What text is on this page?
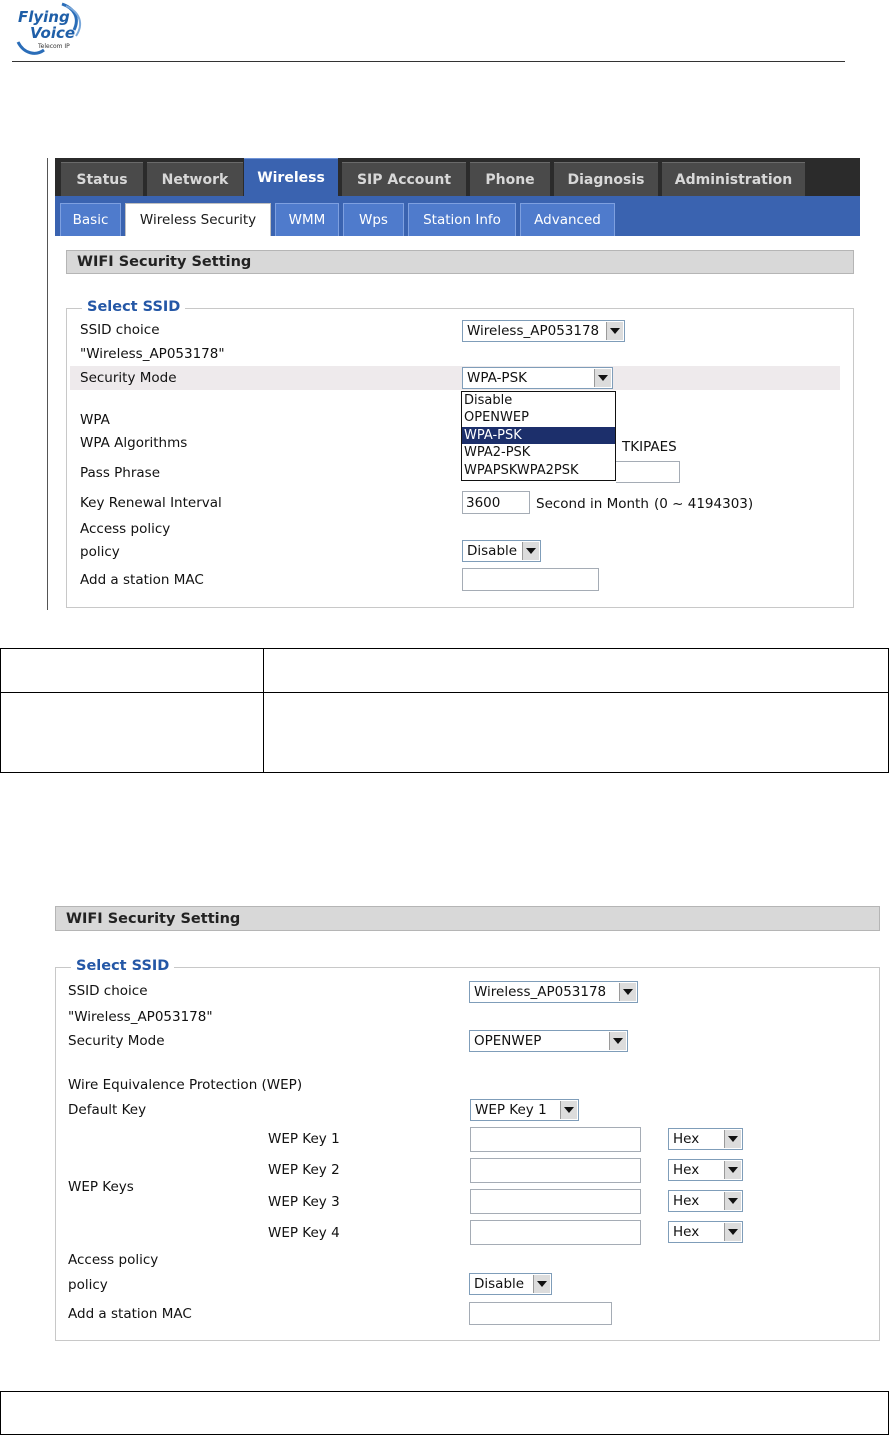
Flying
Voice
Telecom IP
Status	Network	Wireless	SIP Account	Phone	Diagnosis	Administration
Basic	Wireless Security	WMM	Wps	Station Info	Advanced
WIFI Security Setting
Select SSID
SSID choice	Wireless_AP053178
"Wireless_AP053178"
Security Mode	WPA-PSK
Disable
OPENWEP
WPA-PSK
WPA2-PSK
WPAPSKWPA2PSK
WPA
WPA Algorithms	TKIPAES
Pass Phrase
Key Renewal Interval	3600	Second in Month (0 ~ 4194303)
Access policy
policy	Disable
Add a station MAC
WIFI Security Setting
Select SSID
SSID choice	Wireless_AP053178
"Wireless_AP053178"
Security Mode	OPENWEP
Wire Equivalence Protection (WEP)
Default Key	WEP Key 1
WEP Keys
WEP Key 1	Hex
WEP Key 2	Hex
WEP Key 3	Hex
WEP Key 4	Hex
Access policy
policy	Disable
Add a station MAC
